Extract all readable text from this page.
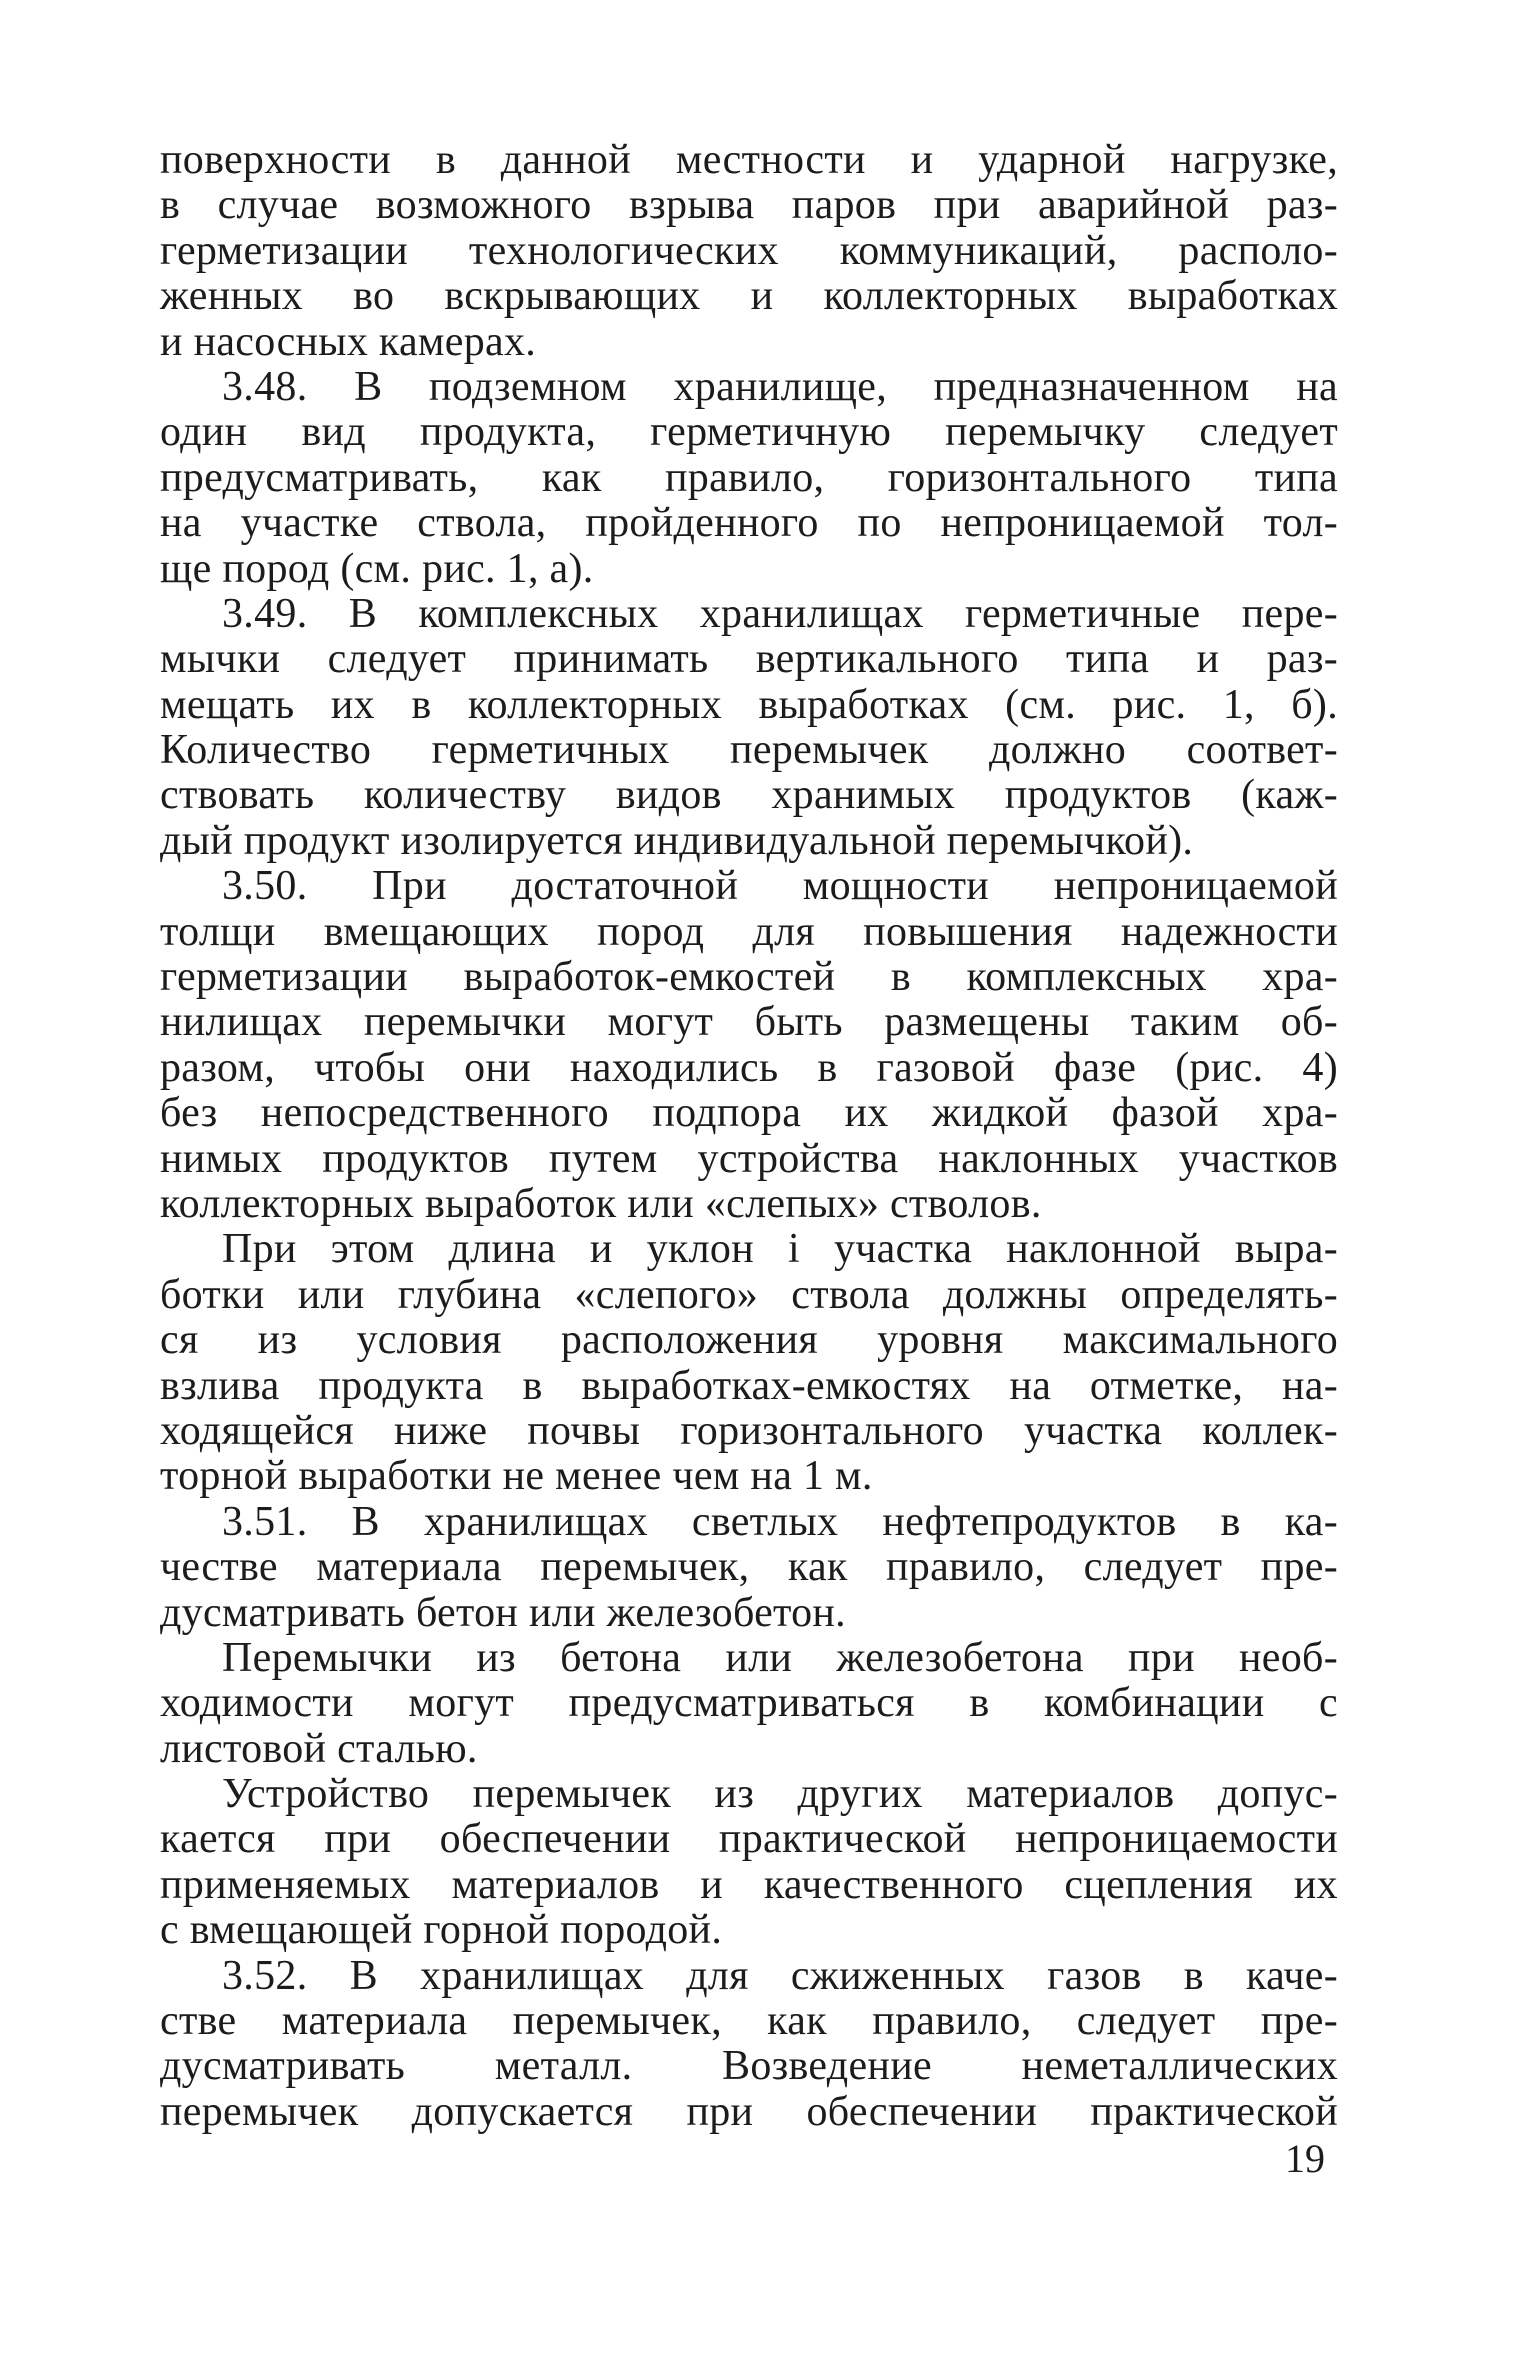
поверхности в данной местности и ударной нагрузке,
в случае возможного взрыва паров при аварийной раз-
герметизации технологических коммуникаций, располо-
женных во вскрывающих и коллекторных выработках
и насосных камерах.
3.48. В подземном хранилище, предназначенном на
один вид продукта, герметичную перемычку следует
предусматривать, как правило, горизонтального типа
на участке ствола, пройденного по непроницаемой тол-
ще пород (см. рис. 1, а).
3.49. В комплексных хранилищах герметичные пере-
мычки следует принимать вертикального типа и раз-
мещать их в коллекторных выработках (см. рис. 1, б).
Количество герметичных перемычек должно соответ-
ствовать количеству видов хранимых продуктов (каж-
дый продукт изолируется индивидуальной перемычкой).
3.50. При достаточной мощности непроницаемой
толщи вмещающих пород для повышения надежности
герметизации выработок-емкостей в комплексных хра-
нилищах перемычки могут быть размещены таким об-
разом, чтобы они находились в газовой фазе (рис. 4)
без непосредственного подпора их жидкой фазой хра-
нимых продуктов путем устройства наклонных участков
коллекторных выработок или «слепых» стволов.
При этом длина и уклон i участка наклонной выра-
ботки или глубина «слепого» ствола должны определять-
ся из условия расположения уровня максимального
взлива продукта в выработках-емкостях на отметке, на-
ходящейся ниже почвы горизонтального участка коллек-
торной выработки не менее чем на 1 м.
3.51. В хранилищах светлых нефтепродуктов в ка-
честве материала перемычек, как правило, следует пре-
дусматривать бетон или железобетон.
Перемычки из бетона или железобетона при необ-
ходимости могут предусматриваться в комбинации с
листовой сталью.
Устройство перемычек из других материалов допус-
кается при обеспечении практической непроницаемости
применяемых материалов и качественного сцепления их
с вмещающей горной породой.
3.52. В хранилищах для сжиженных газов в каче-
стве материала перемычек, как правило, следует пре-
дусматривать металл. Возведение неметаллических
перемычек допускается при обеспечении практической
19
